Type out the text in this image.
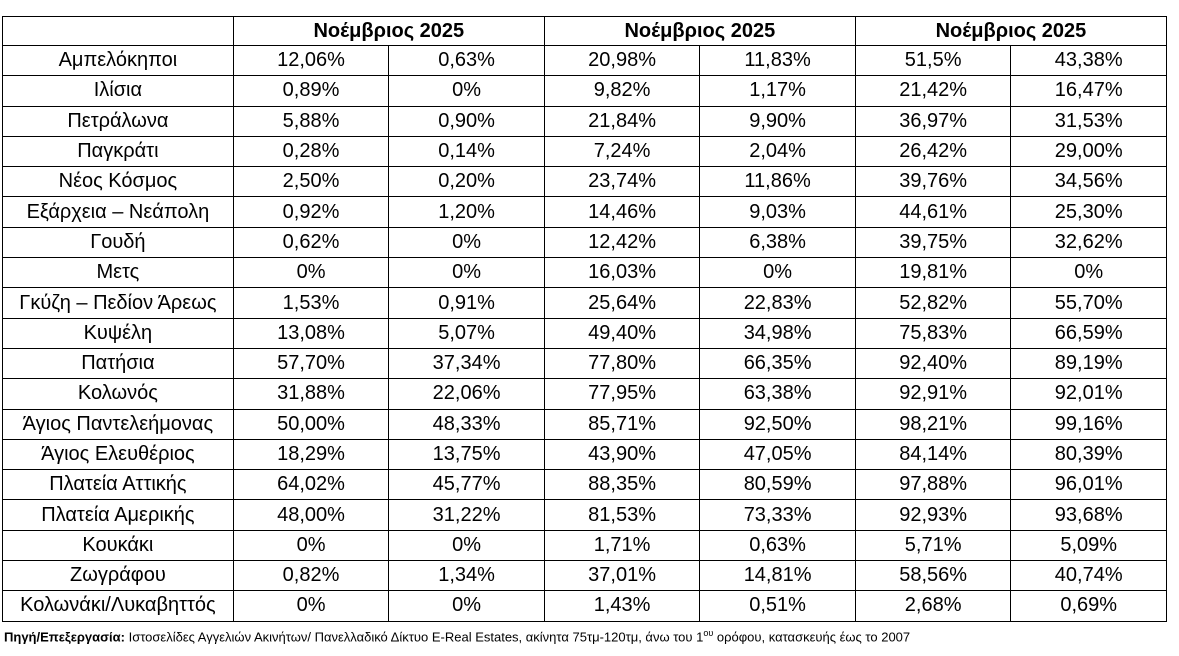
	Νοέμβριος 2025		Νοέμβριος 2025		Νοέμβριος 2025	
Αμπελόκηποι	12,06%	0,63%	20,98%	11,83%	51,5%	43,38%
Ιλίσια	0,89%	0%	9,82%	1,17%	21,42%	16,47%
Πετράλωνα	5,88%	0,90%	21,84%	9,90%	36,97%	31,53%
Παγκράτι	0,28%	0,14%	7,24%	2,04%	26,42%	29,00%
Νέος Κόσμος	2,50%	0,20%	23,74%	11,86%	39,76%	34,56%
Εξάρχεια – Νεάπολη	0,92%	1,20%	14,46%	9,03%	44,61%	25,30%
Γουδή	0,62%	0%	12,42%	6,38%	39,75%	32,62%
Μετς	0%	0%	16,03%	0%	19,81%	0%
Γκύζη – Πεδίον Άρεως	1,53%	0,91%	25,64%	22,83%	52,82%	55,70%
Κυψέλη	13,08%	5,07%	49,40%	34,98%	75,83%	66,59%
Πατήσια	57,70%	37,34%	77,80%	66,35%	92,40%	89,19%
Κολωνός	31,88%	22,06%	77,95%	63,38%	92,91%	92,01%
Άγιος Παντελεήμονας	50,00%	48,33%	85,71%	92,50%	98,21%	99,16%
Άγιος Ελευθέριος	18,29%	13,75%	43,90%	47,05%	84,14%	80,39%
Πλατεία Αττικής	64,02%	45,77%	88,35%	80,59%	97,88%	96,01%
Πλατεία Αμερικής	48,00%	31,22%	81,53%	73,33%	92,93%	93,68%
Κουκάκι	0%	0%	1,71%	0,63%	5,71%	5,09%
Ζωγράφου	0,82%	1,34%	37,01%	14,81%	58,56%	40,74%
Κολωνάκι/Λυκαβηττός	0%	0%	1,43%	0,51%	2,68%	0,69%
Πηγή/Επεξεργασία: Ιστοσελίδες Αγγελιών Ακινήτων/ Πανελλαδικό Δίκτυο E-Real Estates, ακίνητα 75τμ-120τμ, άνω του $1^{o\upsilon}$ ορόφου, κατασκευής έως το 2007
